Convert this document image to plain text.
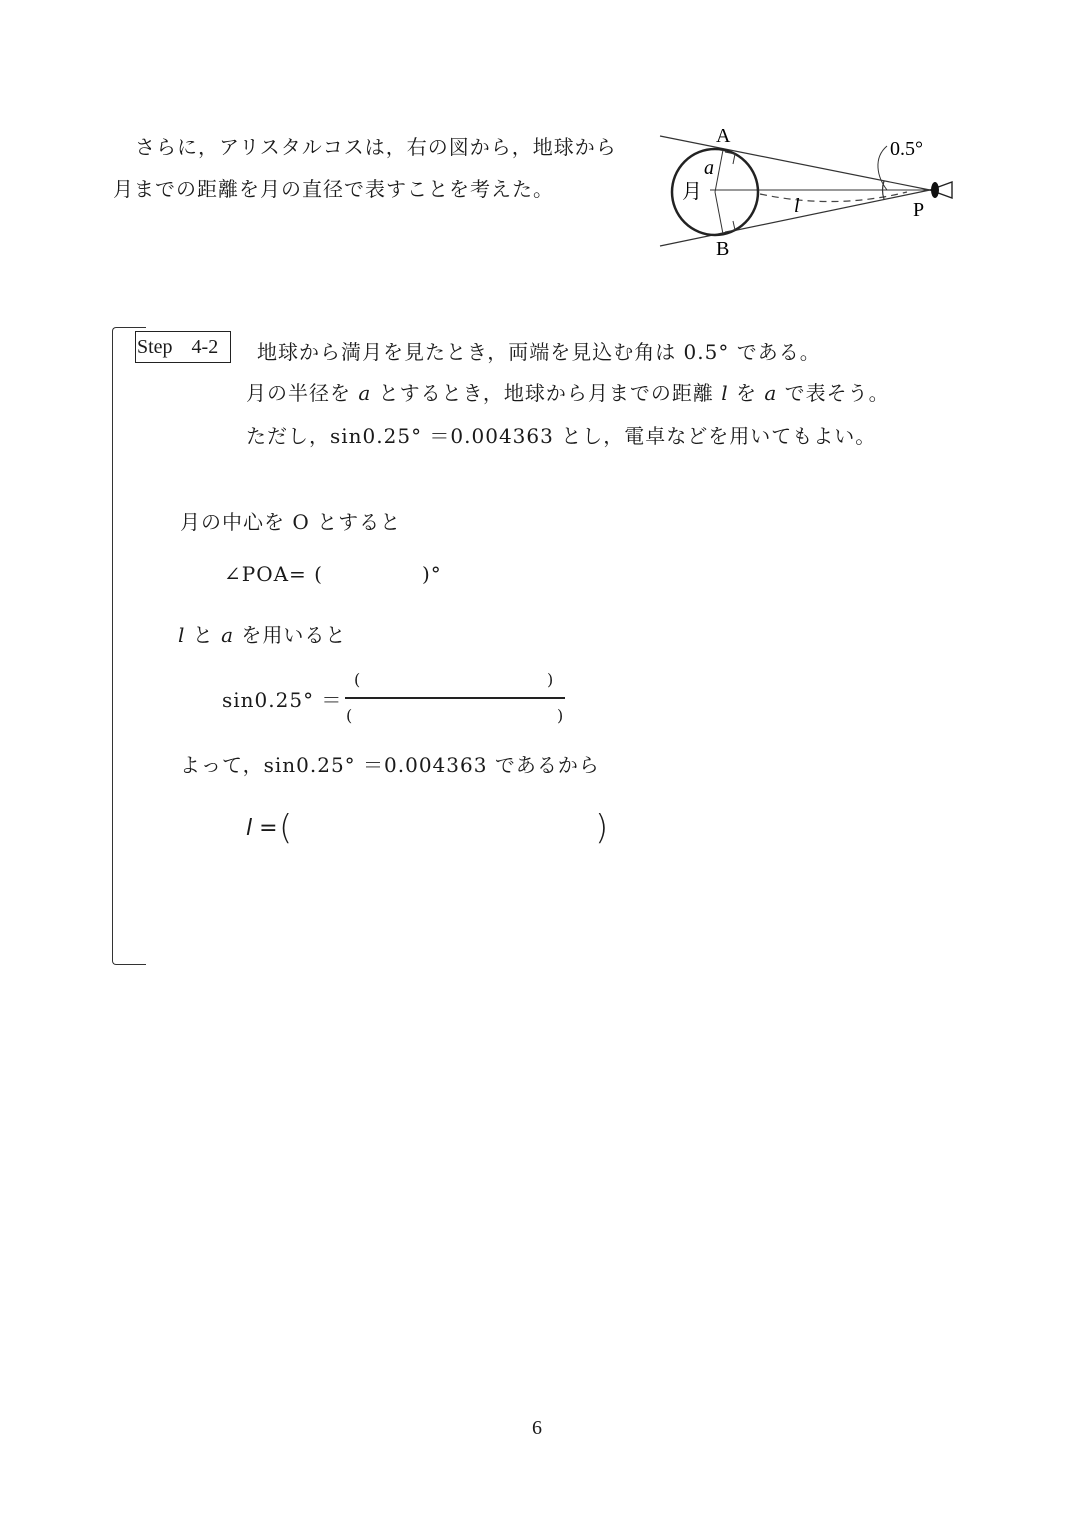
さらに，アリスタルコスは，右の図から，地球から
月までの距離を月の直径で表すことを考えた。
A
B
P
a
l
月
0.5°
Step 4-2	地球から満月を見たとき，両端を見込む角は 0.5° である。
月の半径を a とするとき，地球から月までの距離 l を a で表そう。
ただし，sin0.25° ＝0.004363 とし，電卓などを用いてもよい。
月の中心を O とすると
∠POA= (	)°
l と a を用いると
sin0.25° ＝
(	)
(	)
よって，sin0.25° ＝0.004363 であるから
l = (	)
6
